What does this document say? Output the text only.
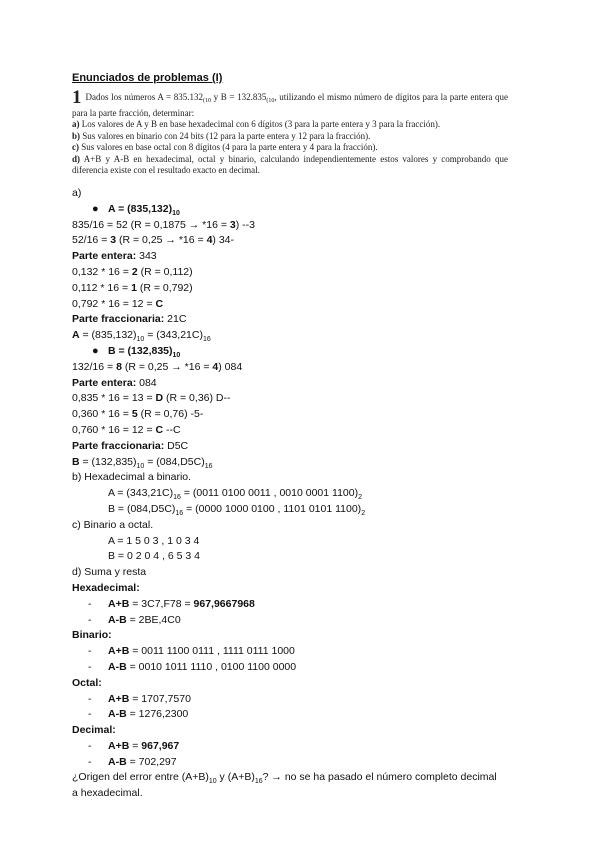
Enunciados de problemas (I)
1 Dados los números $A = 835.132_{(10}$ y $B = 132.835_{(10}$, utilizando el mismo número de dígitos para la parte entera que para la parte fracción, determinar:
a) Los valores de A y B en base hexadecimal con 6 dígitos (3 para la parte entera y 3 para la fracción).
b) Sus valores en binario con 24 bits (12 para la parte entera y 12 para la fracción).
c) Sus valores en base octal con 8 dígitos (4 para la parte entera y 4 para la fracción).
d) A+B y A-B en hexadecimal, octal y binario, calculando independientemente estos valores y comprobando que diferencia existe con el resultado exacto en decimal.
a)
● $A = (835,132)_{10}$
835/16 = 52 (R = 0,1875 → *16 = 3) --3
52/16 = 3 (R = 0,25 → *16 = 4) 34-
Parte entera: 343
0,132 * 16 = 2 (R = 0,112)
0,112 * 16 = 1 (R = 0,792)
0,792 * 16 = 12 = C
Parte fraccionaria: 21C
$A = (835,132)_{10} = (343,21C)_{16}$
● $B = (132,835)_{10}$
132/16 = 8 (R = 0,25 → *16 = 4) 084
Parte entera: 084
0,835 * 16 = 13 = D (R = 0,36) D--
0,360 * 16 = 5 (R = 0,76) -5-
0,760 * 16 = 12 = C --C
Parte fraccionaria: D5C
$B = (132,835)_{10} = (084,D5C)_{16}$
b) Hexadecimal a binario.
$A = (343,21C)_{16} = (0011$ 0100 0011 , 0010 0001 $1100)_2$
$B = (084,D5C)_{16} = (0000$ 1000 0100 , 1101 0101 $1100)_2$
c) Binario a octal.
A = 1 5 0 3 , 1 0 3 4
B = 0 2 0 4 , 6 5 3 4
d) Suma y resta
Hexadecimal:
- A+B = 3C7,F78 = 967,9667968
- A-B = 2BE,4C0
Binario:
- A+B = 0011 1100 0111 , 1111 0111 1000
- A-B = 0010 1011 1110 , 0100 1100 0000
Octal:
- A+B = 1707,7570
- A-B = 1276,2300
Decimal:
- A+B = 967,967
- A-B = 702,297
¿Origen del error entre $(A+B)_{10}$ y $(A+B)_{16}$? → no se ha pasado el número completo decimal
a hexadecimal.
